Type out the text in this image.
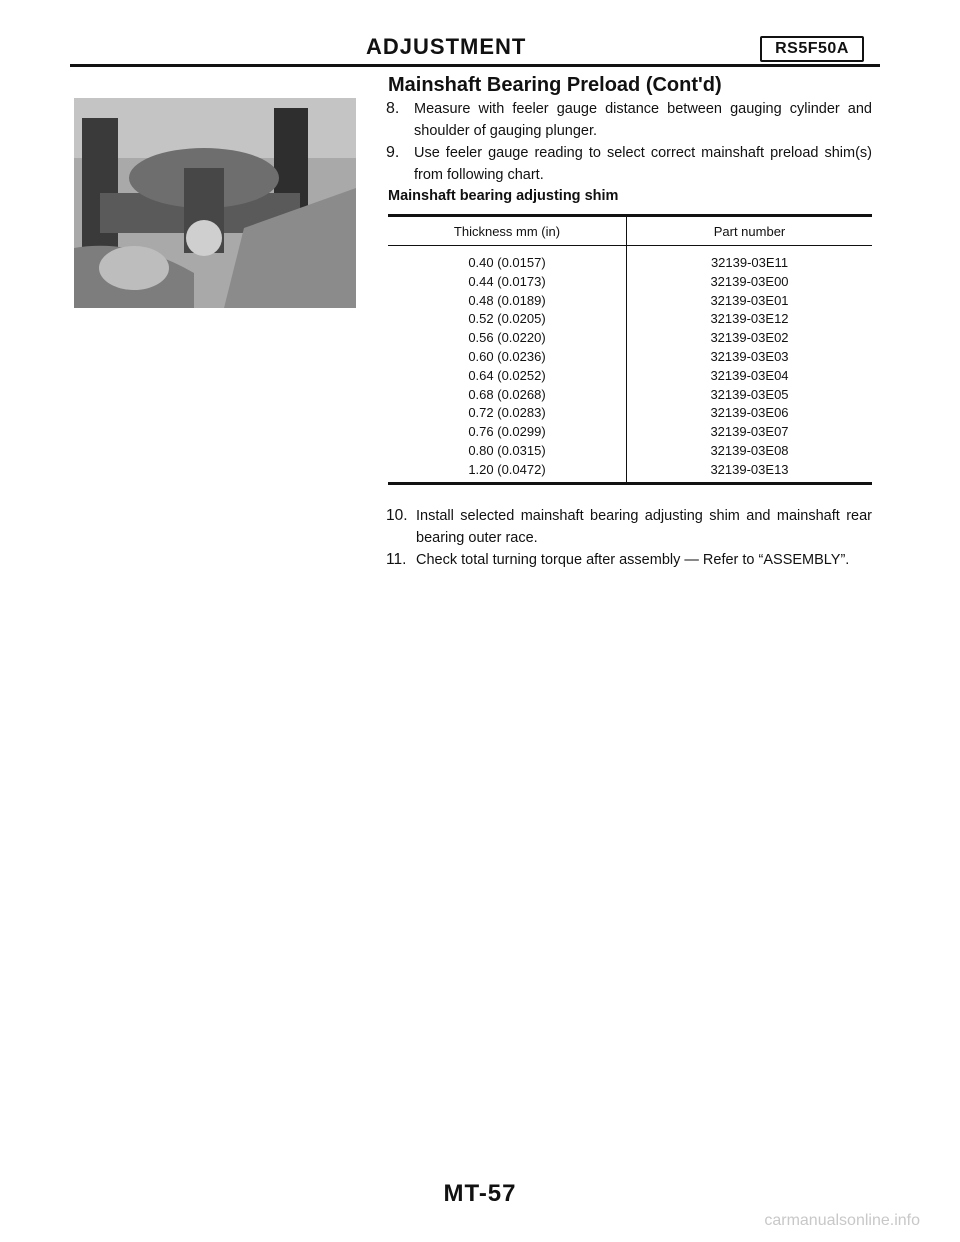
ADJUSTMENT	RS5F50A
Mainshaft Bearing Preload (Cont'd)
8.	Measure with feeler gauge distance between gauging cylinder and shoulder of gauging plunger.
9.	Use feeler gauge reading to select correct mainshaft preload shim(s) from following chart.
Mainshaft bearing adjusting shim
Thickness mm (in)	Part number
0.40 (0.0157)	32139-03E11
0.44 (0.0173)	32139-03E00
0.48 (0.0189)	32139-03E01
0.52 (0.0205)	32139-03E12
0.56 (0.0220)	32139-03E02
0.60 (0.0236)	32139-03E03
0.64 (0.0252)	32139-03E04
0.68 (0.0268)	32139-03E05
0.72 (0.0283)	32139-03E06
0.76 (0.0299)	32139-03E07
0.80 (0.0315)	32139-03E08
1.20 (0.0472)	32139-03E13
10. Install selected mainshaft bearing adjusting shim and mainshaft rear bearing outer race.
11. Check total turning torque after assembly — Refer to “ASSEMBLY”.
MT-57
carmanualsonline.info
